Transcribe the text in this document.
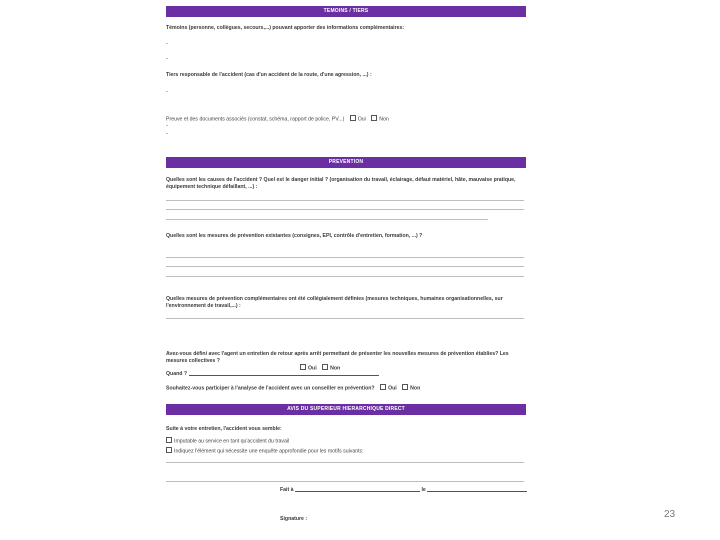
TEMOINS / TIERS
Témoins (personne, collègues, secours,...) pouvant apporter des informations complémentaires:
-
-
Tiers responsable de l'accident (cas d'un accident de la route, d'une agression, ...) :
-
Preuve et des documents associés (constat, schéma, rapport de police, PV...)	Oui	Non
-
-
PREVENTION
Quelles sont les causes de l'accident ? Quel est le danger initial ? (organisation du travail, éclairage, défaut matériel, hâte, mauvaise pratique, équipement technique défaillant, ...) :
Quelles sont les mesures de prévention existantes (consignes, EPI, contrôle d'entretien, formation, ...) ?
Quelles mesures de prévention complémentaires ont été collégialement définies (mesures techniques, humaines organisationnelles, sur l'environnement de travail,...) :
Avez-vous défini avec l'agent un entretien de retour après arrêt permettant de présenter les nouvelles mesures de prévention établies? Les mesures collectives ?
Oui	Non
Quand ?
Souhaitez-vous participer à l'analyse de l'accident avec un conseiller en prévention?	Oui	Non
AVIS DU SUPERIEUR HIERARCHIQUE DIRECT
Suite à votre entretien, l'accident vous semble:
Imputable au service en tant qu'accident du travail
Indiquez l'élément qui nécessite une enquête approfondie pour les motifs suivants:
Fait à	le
Signature :	23
